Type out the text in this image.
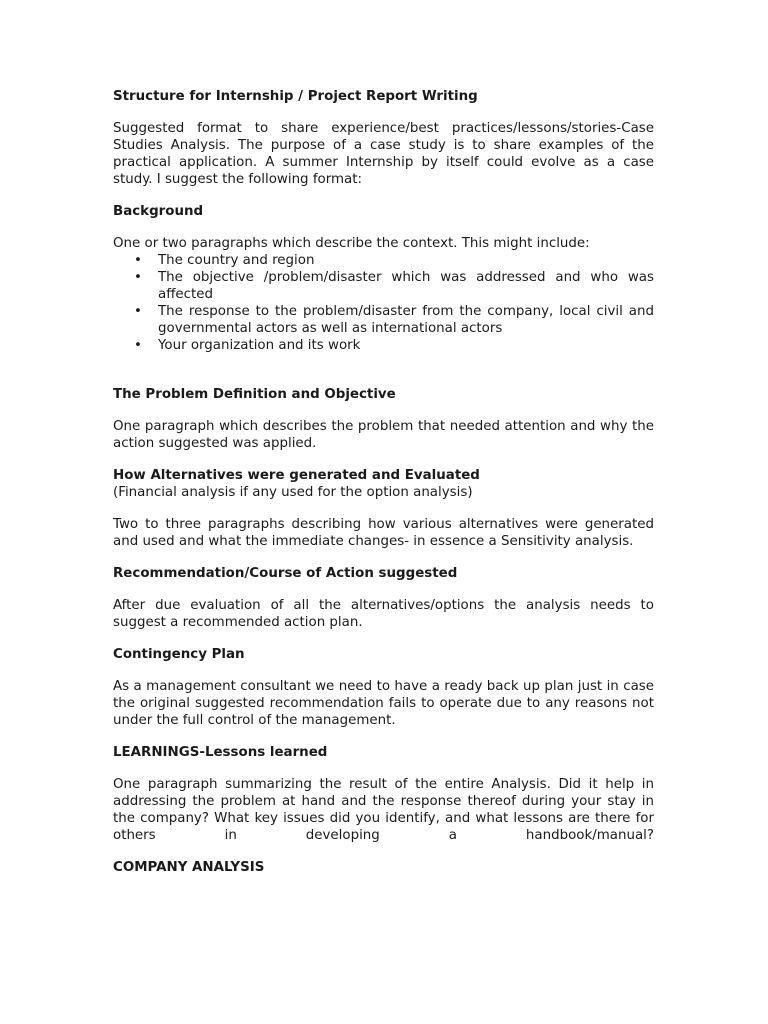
Structure for Internship / Project Report Writing

Suggested format to share experience/best practices/lessons/stories-Case Studies Analysis. The purpose of a case study is to share examples of the practical application. A summer Internship by itself could evolve as a case study. I suggest the following format:

Background

One or two paragraphs which describe the context. This might include:

• The country and region
• The objective /problem/disaster which was addressed and who was affected
• The response to the problem/disaster from the company, local civil and governmental actors as well as international actors
• Your organization and its work
The Problem Definition and Objective

One paragraph which describes the problem that needed attention and why the action suggested was applied.

How Alternatives were generated and Evaluated

(Financial analysis if any used for the option analysis)

Two to three paragraphs describing how various alternatives were generated and used and what the immediate changes- in essence a Sensitivity analysis.

Recommendation/Course of Action suggested

After due evaluation of all the alternatives/options the analysis needs to suggest a recommended action plan.

Contingency Plan

As a management consultant we need to have a ready back up plan just in case the original suggested recommendation fails to operate due to any reasons not under the full control of the management.

LEARNINGS-Lessons learned

One paragraph summarizing the result of the entire Analysis. Did it help in addressing the problem at hand and the response thereof during your stay in the company? What key issues did you identify, and what lessons are there for others in developing a handbook/manual?

COMPANY ANALYSIS
